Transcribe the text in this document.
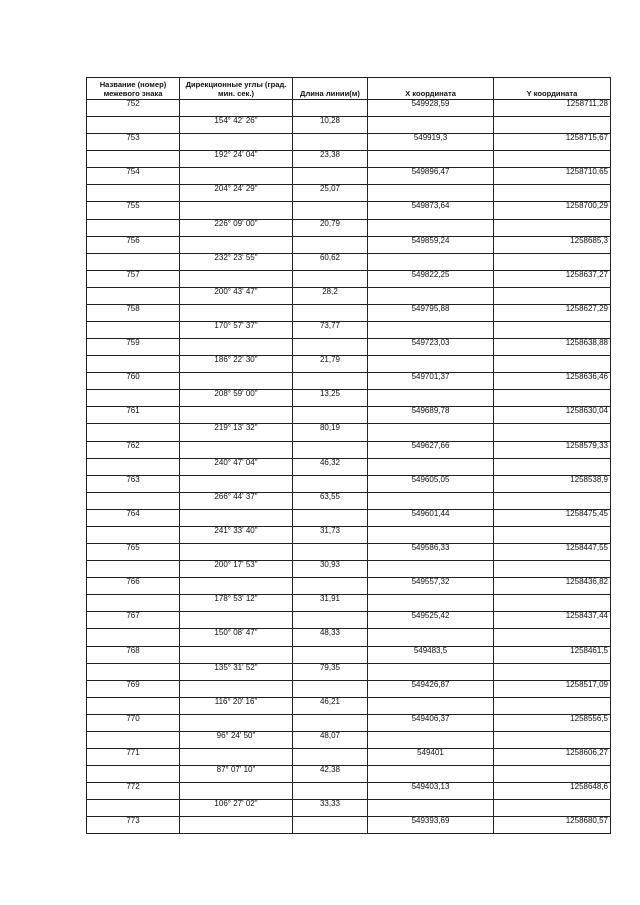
Название (номер) межевого знака	Дирекционные углы (град. мин. сек.)	Длина линии(м)	X координата	Y координата
752			549928,59	1258711,28
	154° 42' 26"	10,28		
753			549919,3	1258715,67
	192° 24' 04"	23,38		
754			549896,47	1258710,65
	204° 24' 29"	25,07		
755			549873,64	1258700,29
	226° 09' 00"	20,79		
756			549859,24	1258685,3
	232° 23' 55"	60,62		
757			549822,25	1258637,27
	200° 43' 47"	28,2		
758			549795,88	1258627,29
	170° 57' 37"	73,77		
759			549723,03	1258638,88
	186° 22' 30"	21,79		
760			549701,37	1258636,46
	208° 59' 00"	13,25		
761			549689,78	1258630,04
	219° 13' 32"	80,19		
762			549627,66	1258579,33
	240° 47' 04"	46,32		
763			549605,05	1258538,9
	266° 44' 37"	63,55		
764			549601,44	1258475,45
	241° 33' 40"	31,73		
765			549586,33	1258447,55
	200° 17' 53"	30,93		
766			549557,32	1258436,82
	178° 53' 12"	31,91		
767			549525,42	1258437,44
	150° 08' 47"	48,33		
768			549483,5	1258461,5
	135° 31' 52"	79,35		
769			549426,87	1258517,09
	116° 20' 16"	46,21		
770			549406,37	1258556,5
	96° 24' 50"	48,07		
771			549401	1258606,27
	87° 07' 10"	42,38		
772			549403,13	1258648,6
	106° 27' 02"	33,33		
773			549393,69	1258680,57
